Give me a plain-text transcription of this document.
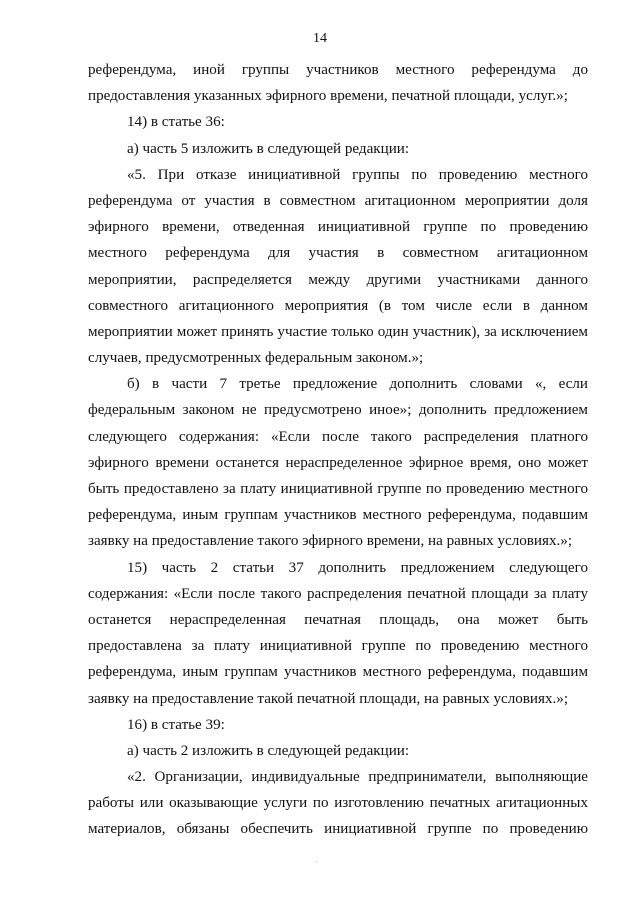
14
референдума, иной группы участников местного референдума до
предоставления указанных эфирного времени, печатной площади, услуг.»;
14) в статье 36:
а) часть 5 изложить в следующей редакции:
«5. При отказе инициативной группы по проведению местного
референдума от участия в совместном агитационном мероприятии доля
эфирного времени, отведенная инициативной группе по проведению
местного референдума для участия в совместном агитационном
мероприятии, распределяется между другими участниками данного
совместного агитационного мероприятия (в том числе если в данном
мероприятии может принять участие только один участник), за исключением
случаев, предусмотренных федеральным законом.»;
б) в части 7 третье предложение дополнить словами «, если
федеральным законом не предусмотрено иное»; дополнить предложением
следующего содержания: «Если после такого распределения платного
эфирного времени останется нераспределенное эфирное время, оно может
быть предоставлено за плату инициативной группе по проведению местного
референдума, иным группам участников местного референдума, подавшим
заявку на предоставление такого эфирного времени, на равных условиях.»;
15) часть 2 статьи 37 дополнить предложением следующего
содержания: «Если после такого распределения печатной площади за плату
останется нераспределенная печатная площадь, она может быть
предоставлена за плату инициативной группе по проведению местного
референдума, иным группам участников местного референдума, подавшим
заявку на предоставление такой печатной площади, на равных условиях.»;
16) в статье 39:
а) часть 2 изложить в следующей редакции:
«2. Организации, индивидуальные предприниматели, выполняющие
работы или оказывающие услуги по изготовлению печатных агитационных
материалов, обязаны обеспечить инициативной группе по проведению
